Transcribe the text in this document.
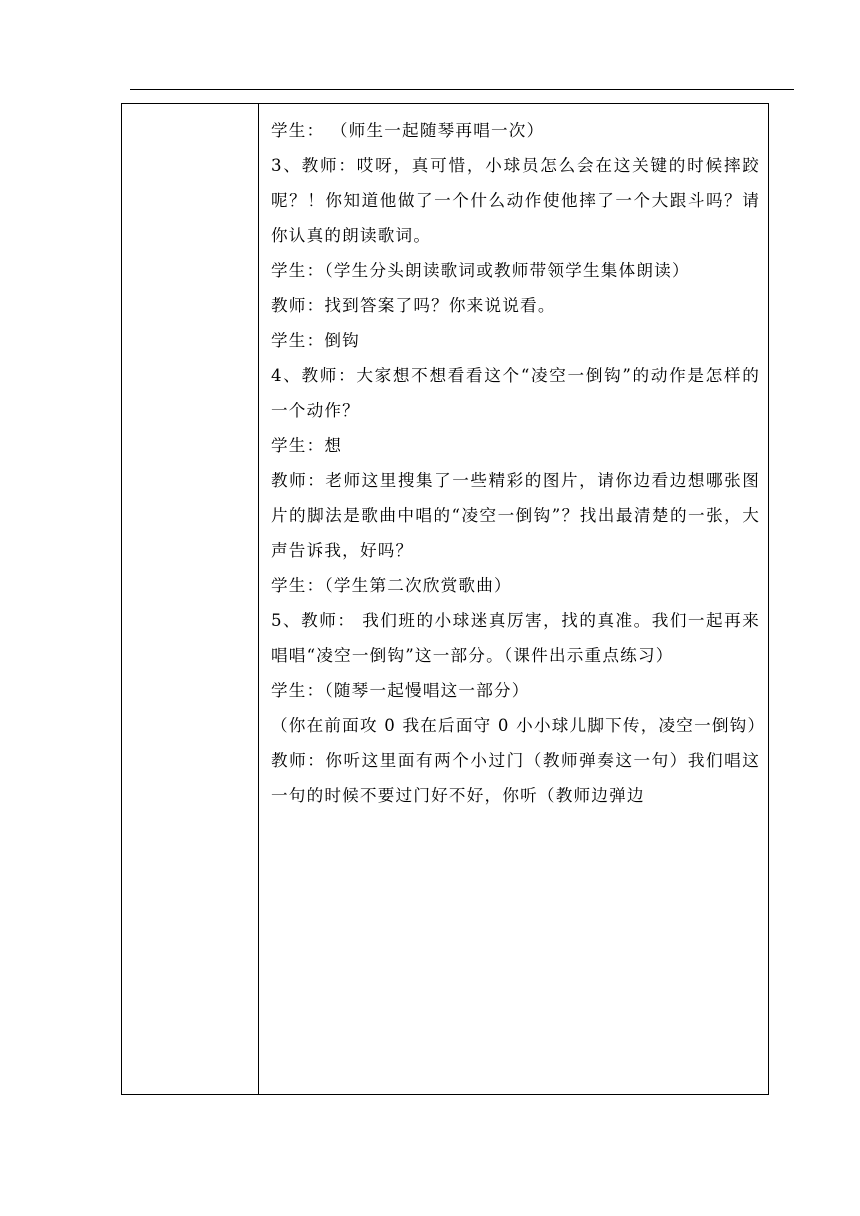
学生： （师生一起随琴再唱一次）

3、教师：哎呀，真可惜，小球员怎么会在这关键的时候摔跤呢？！你知道他做了一个什么动作使他摔了一个大跟斗吗？请你认真的朗读歌词。

学生：（学生分头朗读歌词或教师带领学生集体朗读）

教师：找到答案了吗？你来说说看。

学生：倒钩

4、教师：大家想不想看看这个“凌空一倒钩”的动作是怎样的一个动作？

学生：想

教师：老师这里搜集了一些精彩的图片，请你边看边想哪张图片的脚法是歌曲中唱的“凌空一倒钩”？找出最清楚的一张，大声告诉我，好吗？

学生：（学生第二次欣赏歌曲）

5、教师： 我们班的小球迷真厉害，找的真准。我们一起再来唱唱“凌空一倒钩”这一部分。（课件出示重点练习）

学生：（随琴一起慢唱这一部分）

（你在前面攻 0 我在后面守 0 小小球儿脚下传，凌空一倒钩）

教师：你听这里面有两个小过门（教师弹奏这一句）我们唱这一句的时候不要过门好不好，你听（教师边弹边
